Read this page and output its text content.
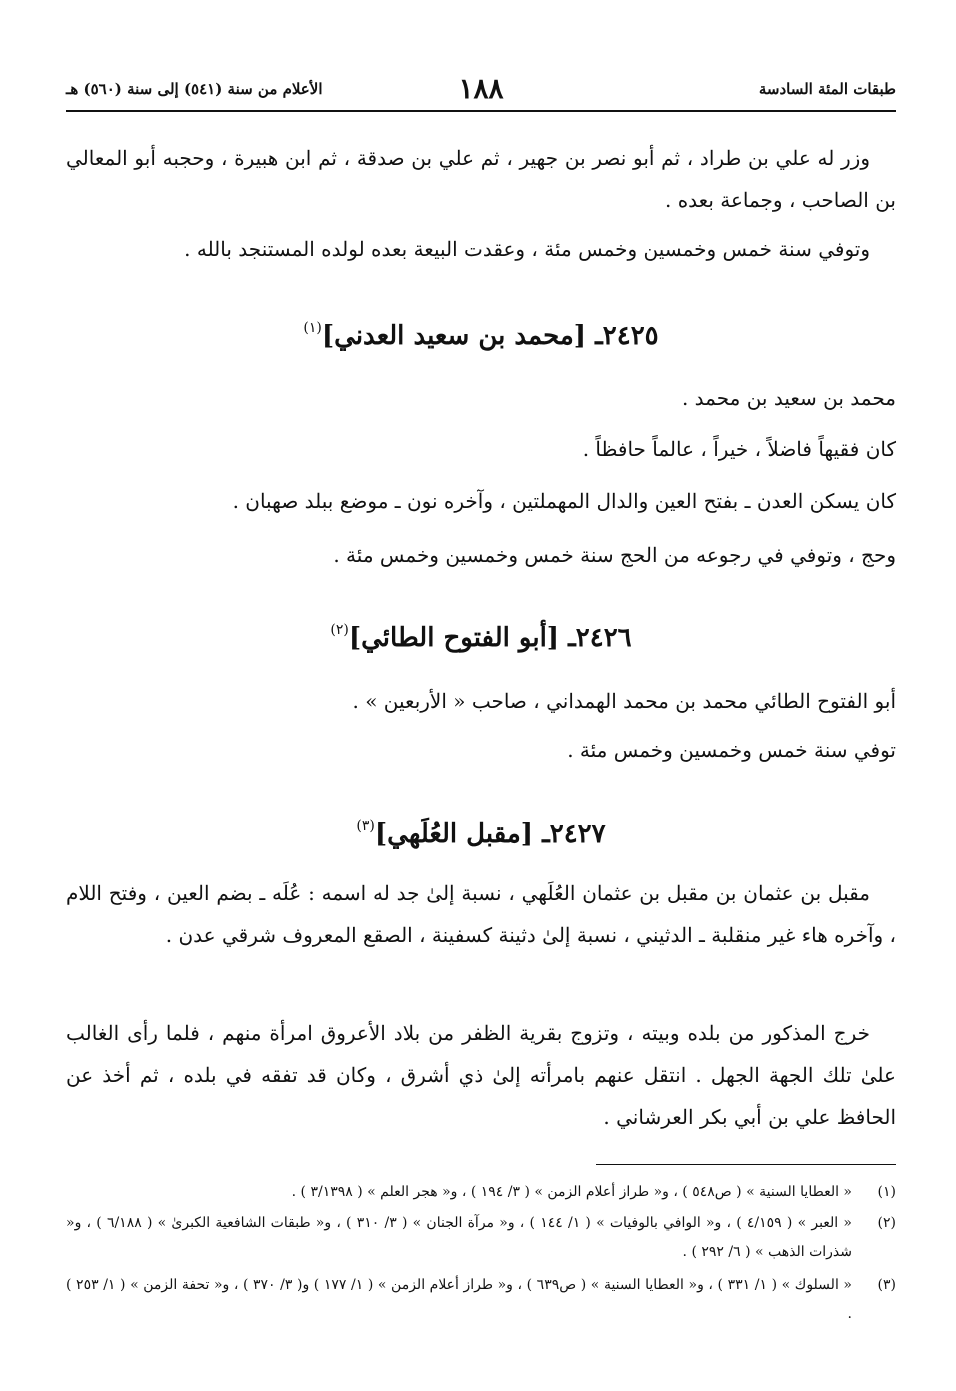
طبقات المئة السادسة
١٨٨
الأعلام من سنة (٥٤١) إلى سنة (٥٦٠) هـ
وزر له علي بن طراد ، ثم أبو نصر بن جهير ، ثم علي بن صدقة ، ثم ابن هبيرة ، وحجبه أبو المعالي بن الصاحب ، وجماعة بعده .
وتوفي سنة خمس وخمسين وخمس مئة ، وعقدت البيعة بعده لولده المستنجد بالله .
٢٤٢٥ـ [محمد بن سعيد العدني]$^{(١)}$
محمد بن سعيد بن محمد .
كان فقيهاً فاضلاً ، خيراً ، عالماً حافظاً .
كان يسكن العدن ـ بفتح العين والدال المهملتين ، وآخره نون ـ موضع ببلد صهبان .
وحج ، وتوفي في رجوعه من الحج سنة خمس وخمسين وخمس مئة .
٢٤٢٦ـ [أبو الفتوح الطائي]$^{(٢)}$
أبو الفتوح الطائي محمد بن محمد الهمداني ، صاحب « الأربعين » .
توفي سنة خمس وخمسين وخمس مئة .
٢٤٢٧ـ [مقبل العُلَهي]$^{(٣)}$
مقبل بن عثمان بن مقبل بن عثمان العُلَهي ، نسبة إلىٰ جد له اسمه : عُلَه ـ بضم العين ، وفتح اللام ، وآخره هاء غير منقلبة ـ الدثيني ، نسبة إلىٰ دثينة كسفينة ، الصقع المعروف شرقي عدن .
خرج المذكور من بلده وبيته ، وتزوج بقرية الظفر من بلاد الأعروق امرأة منهم ، فلما رأى الغالب علىٰ تلك الجهة الجهل . انتقل عنهم بامرأته إلىٰ ذي أشرق ، وكان قد تفقه في بلده ، ثم أخذ عن الحافظ علي بن أبي بكر العرشاني .
(١)
« العطايا السنية » ( ص٥٤٨ ) ، و« طراز أعلام الزمن » ( ٣/ ١٩٤ ) ، و« هجر العلم » ( ٣/١٣٩٨ ) .
(٢)
« العبر » ( ٤/١٥٩ ) ، و« الوافي بالوفيات » ( ١/ ١٤٤ ) ، و« مرآة الجنان » ( ٣/ ٣١٠ ) ، و« طبقات الشافعية الكبرىٰ » ( ٦/١٨٨ ) ، و« شذرات الذهب » ( ٦/ ٢٩٢ ) .
(٣)
« السلوك » ( ١/ ٣٣١ ) ، و« العطايا السنية » ( ص٦٣٩ ) ، و« طراز أعلام الزمن » ( ١/ ١٧٧ ) و( ٣/ ٣٧٠ ) ، و« تحفة الزمن » ( ١/ ٢٥٣ ) .
